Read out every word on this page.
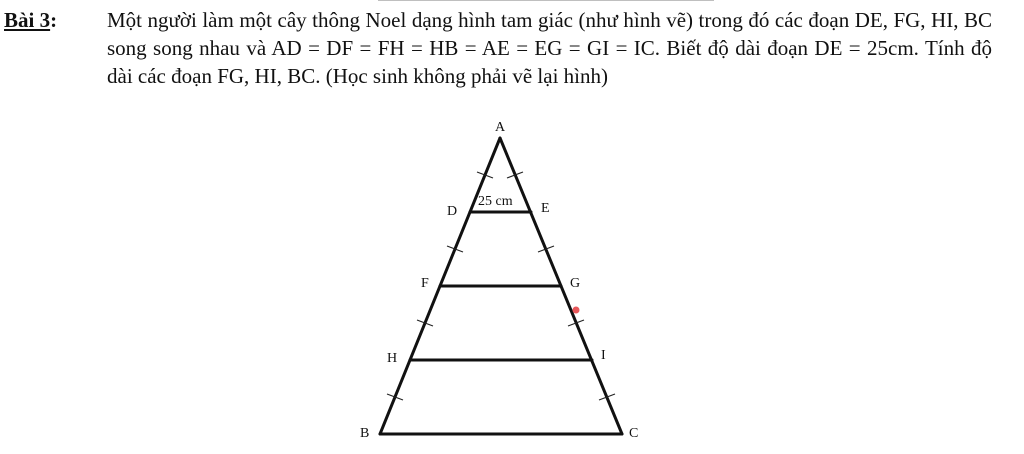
Bài 3: Một người làm một cây thông Noel dạng hình tam giác (như hình vẽ) trong đó các đoạn DE, FG, HI, BC song song nhau và AD = DF = FH = HB = AE = EG = GI = IC. Biết độ dài đoạn DE = 25cm. Tính độ dài các đoạn FG, HI, BC. (Học sinh không phải vẽ lại hình)
25 cm
A
D	E
F	G
H	I
B	C
